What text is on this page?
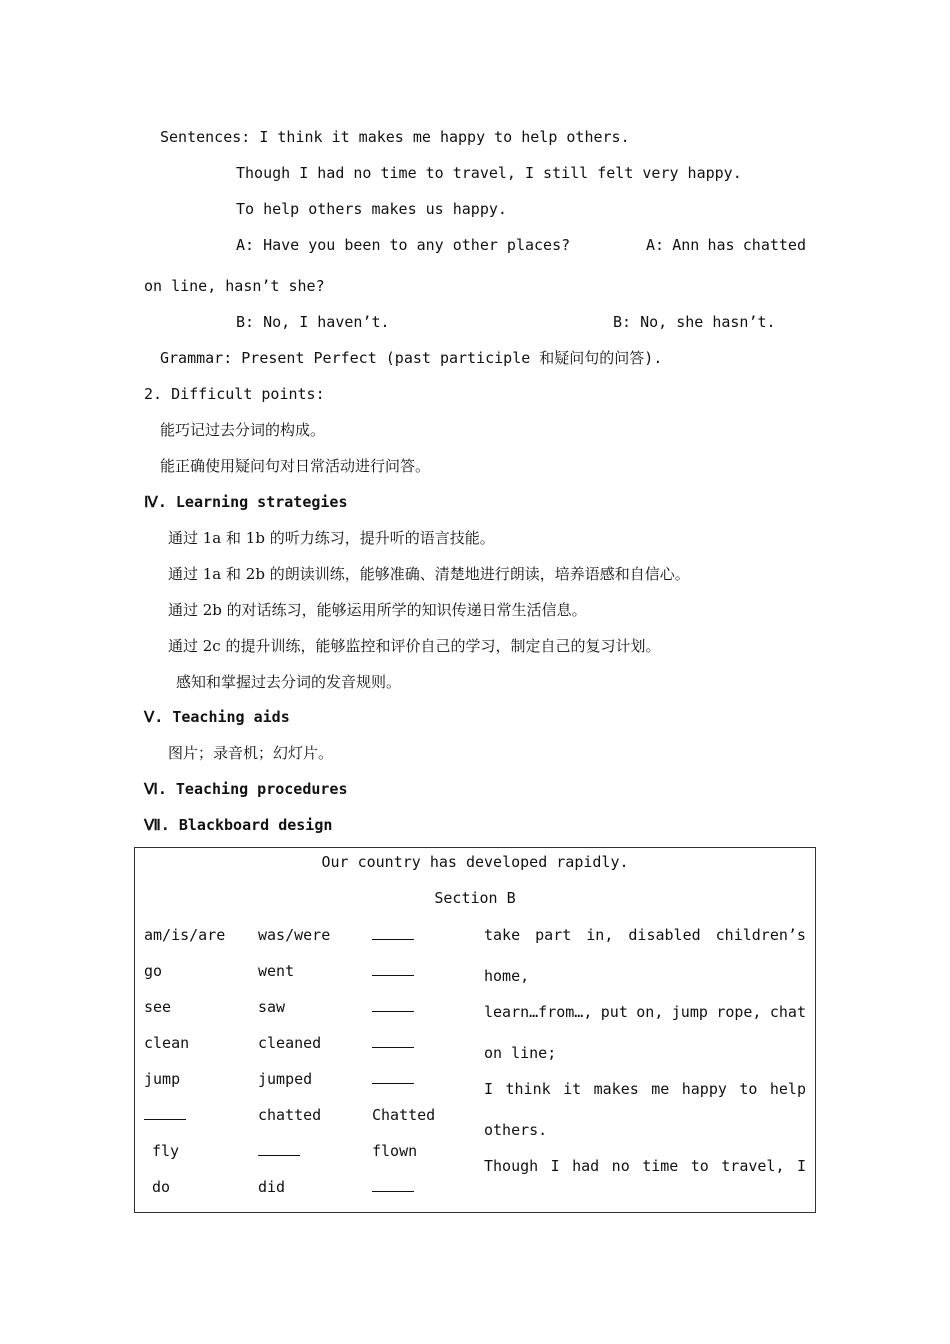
Sentences: I think it makes me happy to help others.
Though I had no time to travel, I still felt very happy.
To help others makes us happy.
A: Have you been to any other places?	A: Ann has chatted
on line, hasn’t she?
B: No, I haven’t.	B: No, she hasn’t.
Grammar: Present Perfect (past participle 和疑问句的问答).
2. Difficult points:
能巧记过去分词的构成。
能正确使用疑问句对日常活动进行问答。
Ⅳ. Learning strategies
通过 1a 和 1b 的听力练习，提升听的语言技能。
通过 1a 和 2b 的朗读训练，能够准确、清楚地进行朗读，培养语感和自信心。
通过 2b 的对话练习，能够运用所学的知识传递日常生活信息。
通过 2c 的提升训练，能够监控和评价自己的学习，制定自己的复习计划。
感知和掌握过去分词的发音规则。
Ⅴ. Teaching aids
图片；录音机；幻灯片。
Ⅵ. Teaching procedures
Ⅶ. Blackboard design
Our country has developed rapidly.
Section B
am/is/are
go
see
clean
jump
fly
do
was/were
went
saw
cleaned
jumped
chatted
did
Chatted
flown
take part in, disabled children’s
home,
learn…from…, put on, jump rope, chat
on line;
I think it makes me happy to help
others.
Though I had no time to travel, I
